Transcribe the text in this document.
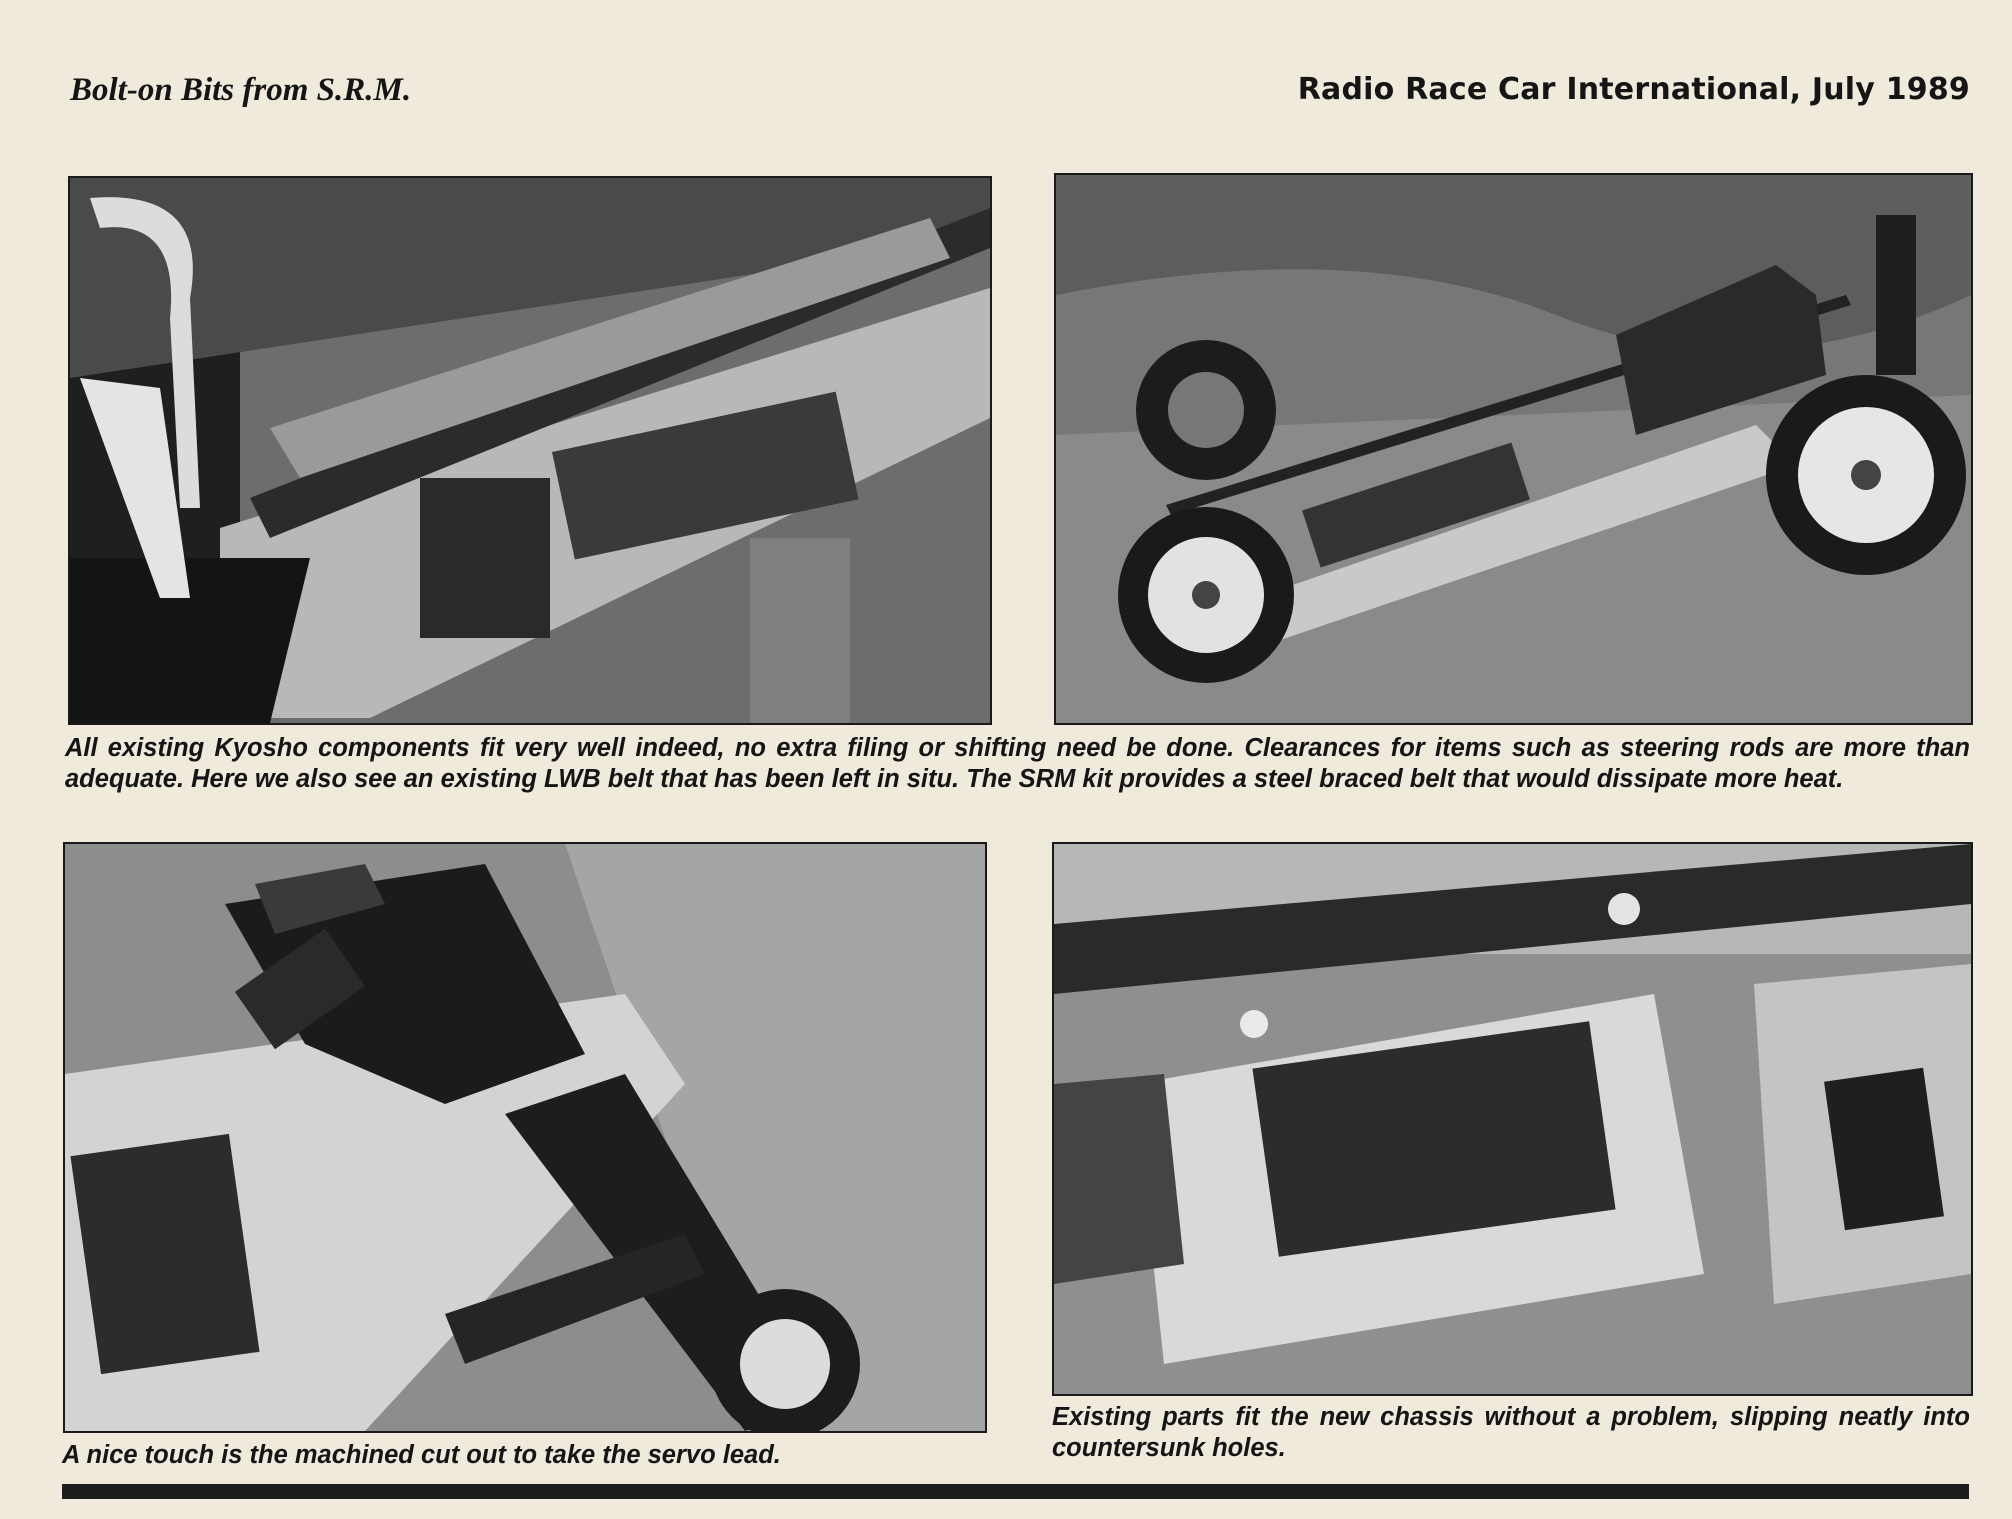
Bolt-on Bits from S.R.M.	Radio Race Car International, July 1989
All existing Kyosho components fit very well indeed, no extra filing or shifting need be done. Clearances for items such as steering rods are more than adequate. Here we also see an existing LWB belt that has been left in situ. The SRM kit provides a steel braced belt that would dissipate more heat.
A nice touch is the machined cut out to take the servo lead.
Existing parts fit the new chassis without a problem, slipping neatly into countersunk holes.
